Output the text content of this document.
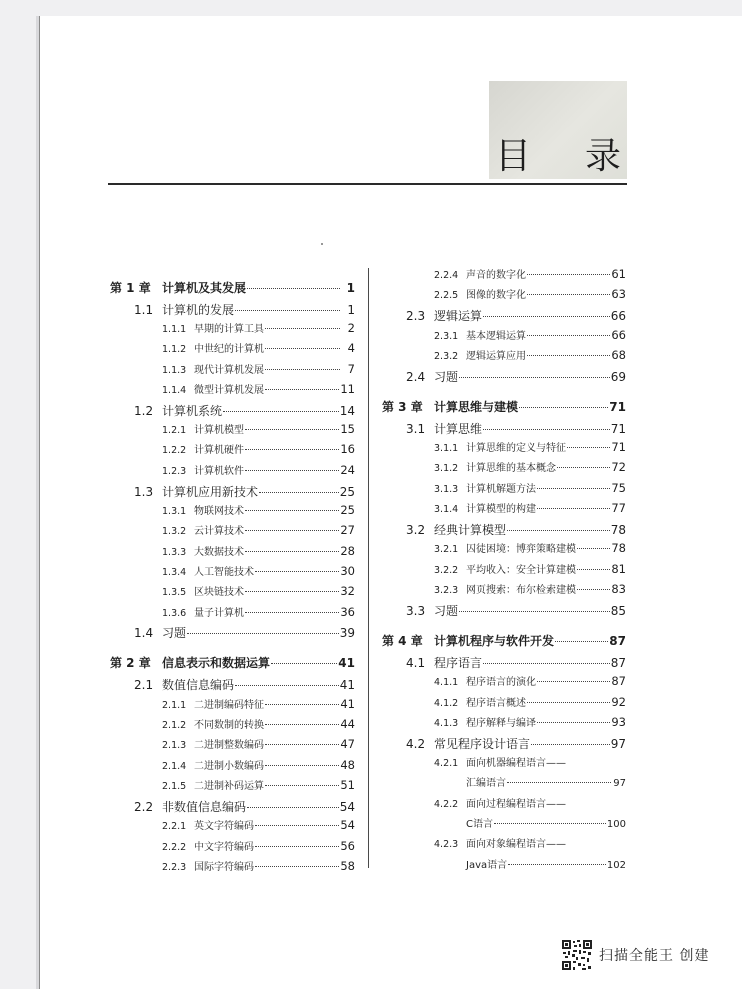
目 录
第 1 章 计算机及其发展	1
1.1 计算机的发展	1
1.1.1 早期的计算工具	2
1.1.2 中世纪的计算机	4
1.1.3 现代计算机发展	7
1.1.4 微型计算机发展	11
1.2 计算机系统	14
1.2.1 计算机模型	15
1.2.2 计算机硬件	16
1.2.3 计算机软件	24
1.3 计算机应用新技术	25
1.3.1 物联网技术	25
1.3.2 云计算技术	27
1.3.3 大数据技术	28
1.3.4 人工智能技术	30
1.3.5 区块链技术	32
1.3.6 量子计算机	36
1.4 习题	39
第 2 章 信息表示和数据运算	41
2.1 数值信息编码	41
2.1.1 二进制编码特征	41
2.1.2 不同数制的转换	44
2.1.3 二进制整数编码	47
2.1.4 二进制小数编码	48
2.1.5 二进制补码运算	51
2.2 非数值信息编码	54
2.2.1 英文字符编码	54
2.2.2 中文字符编码	56
2.2.3 国际字符编码	58
2.2.4 声音的数字化	61
2.2.5 图像的数字化	63
2.3 逻辑运算	66
2.3.1 基本逻辑运算	66
2.3.2 逻辑运算应用	68
2.4 习题	69
第 3 章 计算思维与建模	71
3.1 计算思维	71
3.1.1 计算思维的定义与特征	71
3.1.2 计算思维的基本概念	72
3.1.3 计算机解题方法	75
3.1.4 计算模型的构建	77
3.2 经典计算模型	78
3.2.1 囚徒困境：博弈策略建模	78
3.2.2 平均收入：安全计算建模	81
3.2.3 网页搜索：布尔检索建模	83
3.3 习题	85
第 4 章 计算机程序与软件开发	87
4.1 程序语言	87
4.1.1 程序语言的演化	87
4.1.2 程序语言概述	92
4.1.3 程序解释与编译	93
4.2 常见程序设计语言	97
4.2.1 面向机器编程语言——
汇编语言	97
4.2.2 面向过程编程语言——
C语言	100
4.2.3 面向对象编程语言——
Java语言	102
扫描全能王 创建
